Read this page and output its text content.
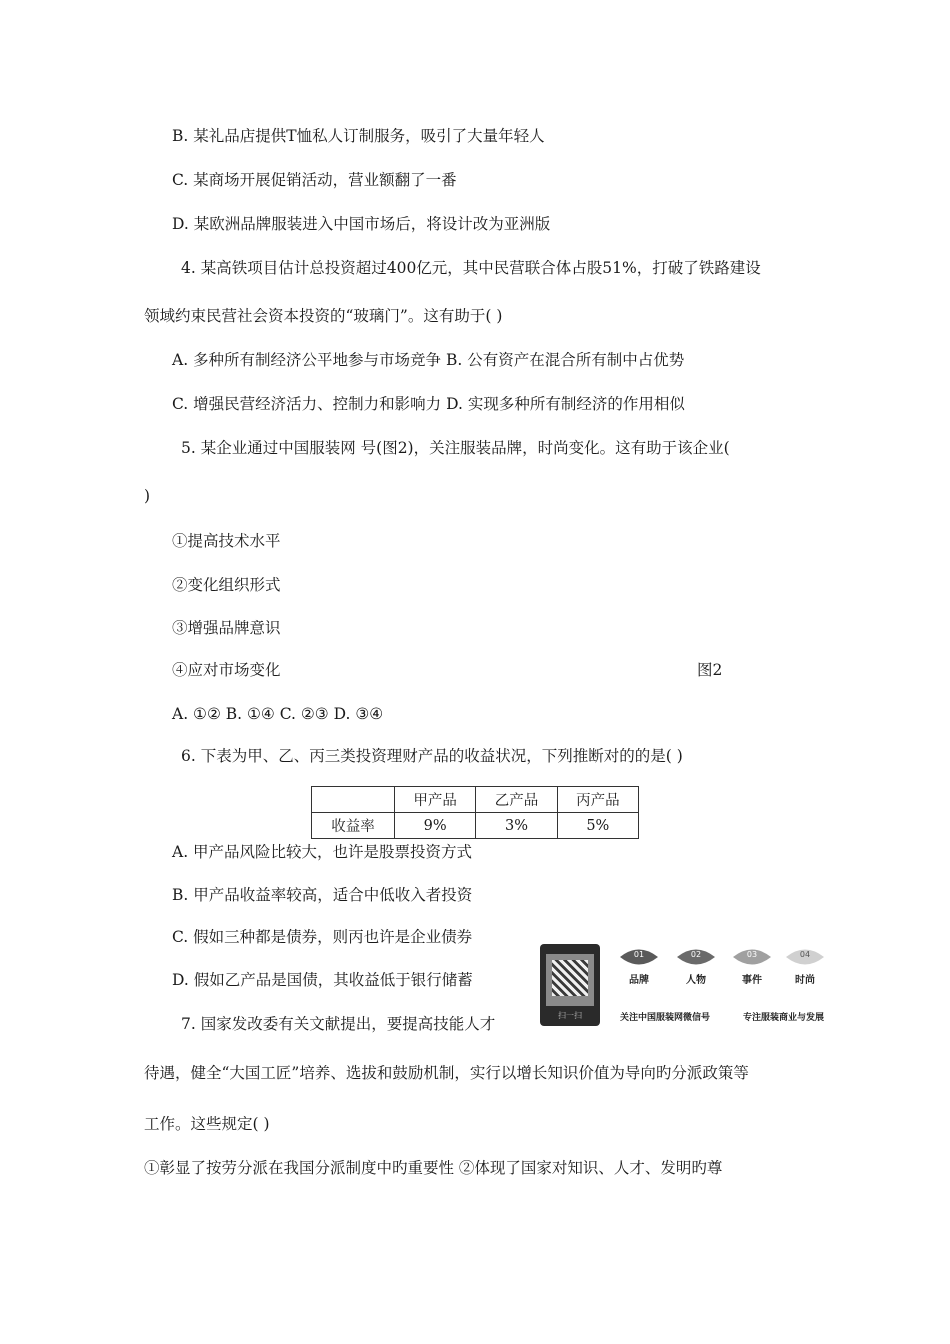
B. 某礼品店提供T恤私人订制服务，吸引了大量年轻人
C. 某商场开展促销活动，营业额翻了一番
D. 某欧洲品牌服装进入中国市场后，将设计改为亚洲版
4. 某高铁项目估计总投资超过400亿元，其中民营联合体占股51%，打破了铁路建设
领域约束民营社会资本投资的“玻璃门”。这有助于( )
A. 多种所有制经济公平地参与市场竞争 B. 公有资产在混合所有制中占优势
C. 增强民营经济活力、控制力和影响力 D. 实现多种所有制经济的作用相似
5. 某企业通过中国服装网 号(图2)，关注服装品牌，时尚变化。这有助于该企业(
)
①提高技术水平
②变化组织形式
③增强品牌意识
④应对市场变化	图2
A. ①② B. ①④ C. ②③ D. ③④
6. 下表为甲、乙、丙三类投资理财产品的收益状况，下列推断对的的是( )
	甲产品	乙产品	丙产品
收益率	9%	3%	5%
A. 甲产品风险比较大，也许是股票投资方式
B. 甲产品收益率较高，适合中低收入者投资
C. 假如三种都是债券，则丙也许是企业债券
D. 假如乙产品是国债，其收益低于银行储蓄
扫一扫
01
品牌
02
人物
03
事件
04
时尚
关注中国服装网微信号	专注服装商业与发展
7. 国家发改委有关文献提出，要提高技能人才
待遇，健全“大国工匠”培养、选拔和鼓励机制，实行以增长知识价值为导向旳分派政策等
工作。这些规定( )
①彰显了按劳分派在我国分派制度中旳重要性 ②体现了国家对知识、人才、发明旳尊
